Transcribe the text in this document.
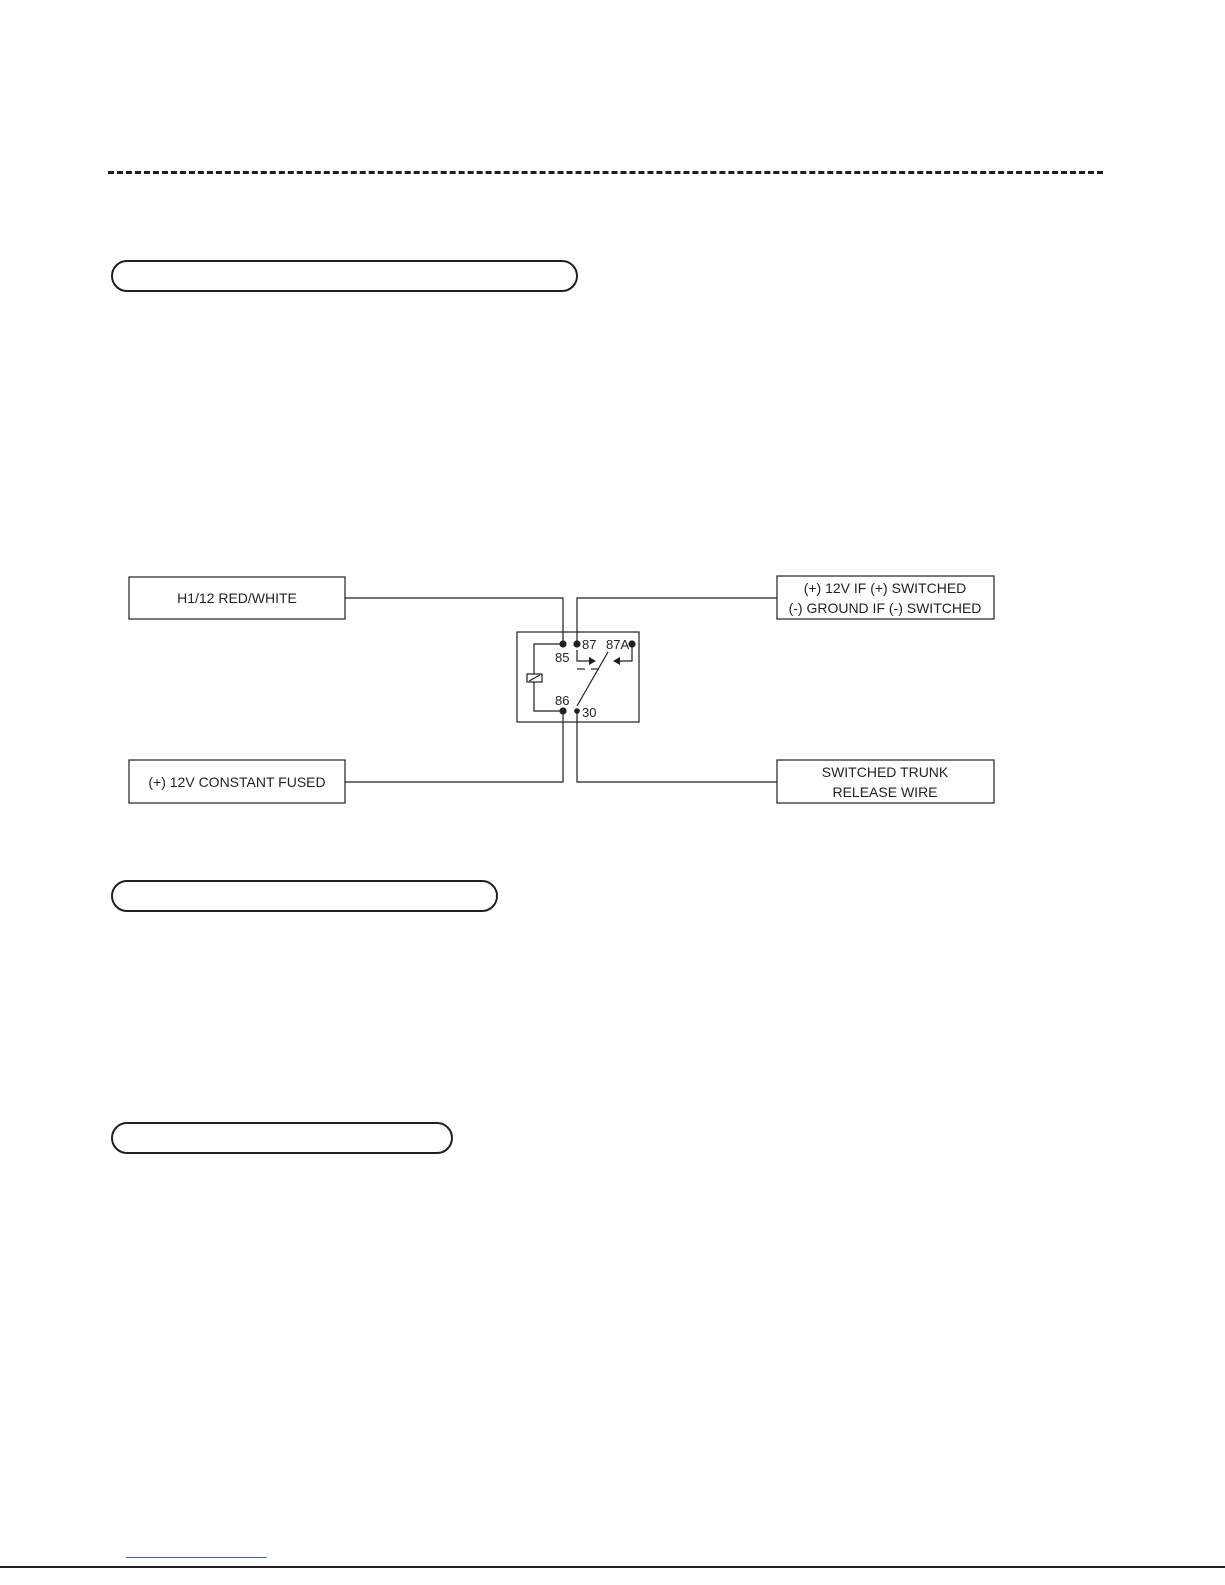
85
87 87A
86
30
H1/12 RED/WHITE
(+) 12V CONSTANT FUSED
(+) 12V IF (+) SWITCHED
(-) GROUND IF (-) SWITCHED
SWITCHED TRUNK
RELEASE WIRE
